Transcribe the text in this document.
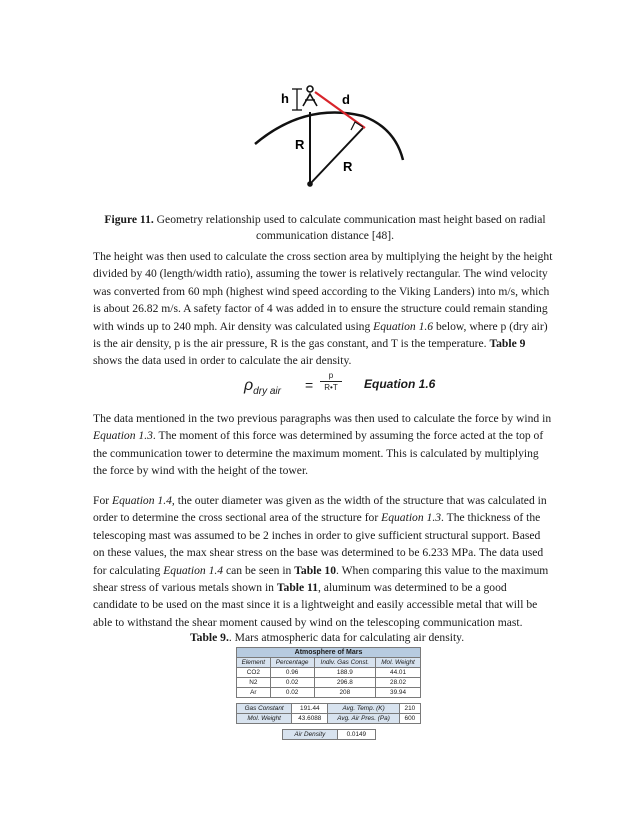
h	d
R
R
Figure 11. Geometry relationship used to calculate communication mast height based on radial communication distance [48].
The height was then used to calculate the cross section area by multiplying the height by the height divided by 40 (length/width ratio), assuming the tower is relatively rectangular. The wind velocity was converted from 60 mph (highest wind speed according to the Viking Landers) into m/s, which is about 26.82 m/s. A safety factor of 4 was added in to ensure the structure could remain standing with winds up to 240 mph. Air density was calculated using Equation 1.6 below, where p (dry air) is the air density, p is the air pressure, R is the gas constant, and T is the temperature. Table 9 shows the data used in order to calculate the air density.
$\rho_{dry air} = \frac{p}{R•T}$ Equation 1.6
The data mentioned in the two previous paragraphs was then used to calculate the force by wind in Equation 1.3. The moment of this force was determined by assuming the force acted at the top of the communication tower to determine the maximum moment. This is calculated by multiplying the force by wind with the height of the tower.
For Equation 1.4, the outer diameter was given as the width of the structure that was calculated in order to determine the cross sectional area of the structure for Equation 1.3. The thickness of the telescoping mast was assumed to be 2 inches in order to give sufficient structural support. Based on these values, the max shear stress on the base was determined to be 6.233 MPa. The data used for calculating Equation 1.4 can be seen in Table 10. When comparing this value to the maximum shear stress of various metals shown in Table 11, aluminum was determined to be a good candidate to be used on the mast since it is a lightweight and easily accessible metal that will be able to withstand the shear moment caused by wind on the telescoping communication mast.
Table 9.. Mars atmospheric data for calculating air density.
Atmosphere of Mars			
Element	Percentage	Indiv. Gas Const.	Mol. Weight
CO2	0.96	188.9	44.01
N2	0.02	296.8	28.02
Ar	0.02	208	39.94
Gas Constant	191.44	Avg. Temp. (K)	210
Mol. Weight	43.6088	Avg. Air Pres. (Pa)	600
Air Density	0.0149
